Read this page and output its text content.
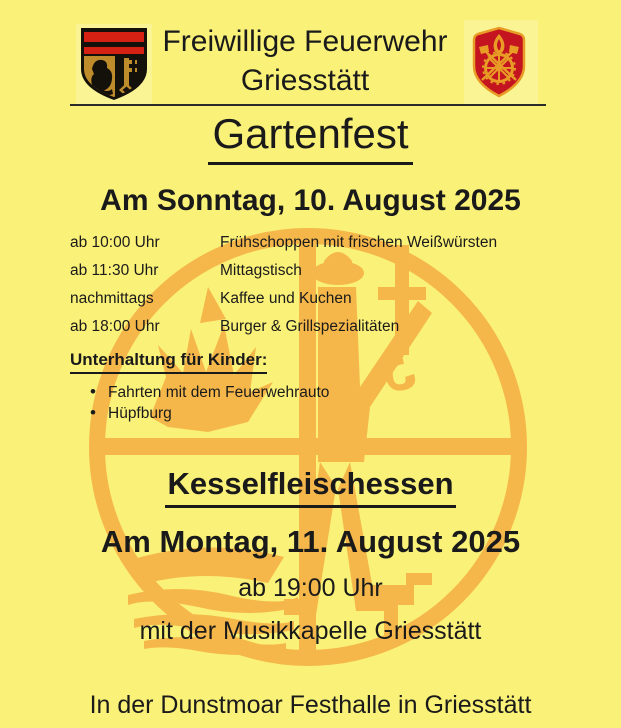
Freiwillige Feuerwehr
Griesstätt
Gartenfest
Am Sonntag, 10. August 2025
ab 10:00 Uhr	Frühschoppen mit frischen Weißwürsten
ab 11:30 Uhr	Mittagstisch
nachmittags	Kaffee und Kuchen
ab 18:00 Uhr	Burger & Grillspezialitäten
Unterhaltung für Kinder:
• Fahrten mit dem Feuerwehrauto
• Hüpfburg
Kesselfleischessen
Am Montag, 11. August 2025
ab 19:00 Uhr
mit der Musikkapelle Griesstätt
In der Dunstmoar Festhalle in Griesstätt
